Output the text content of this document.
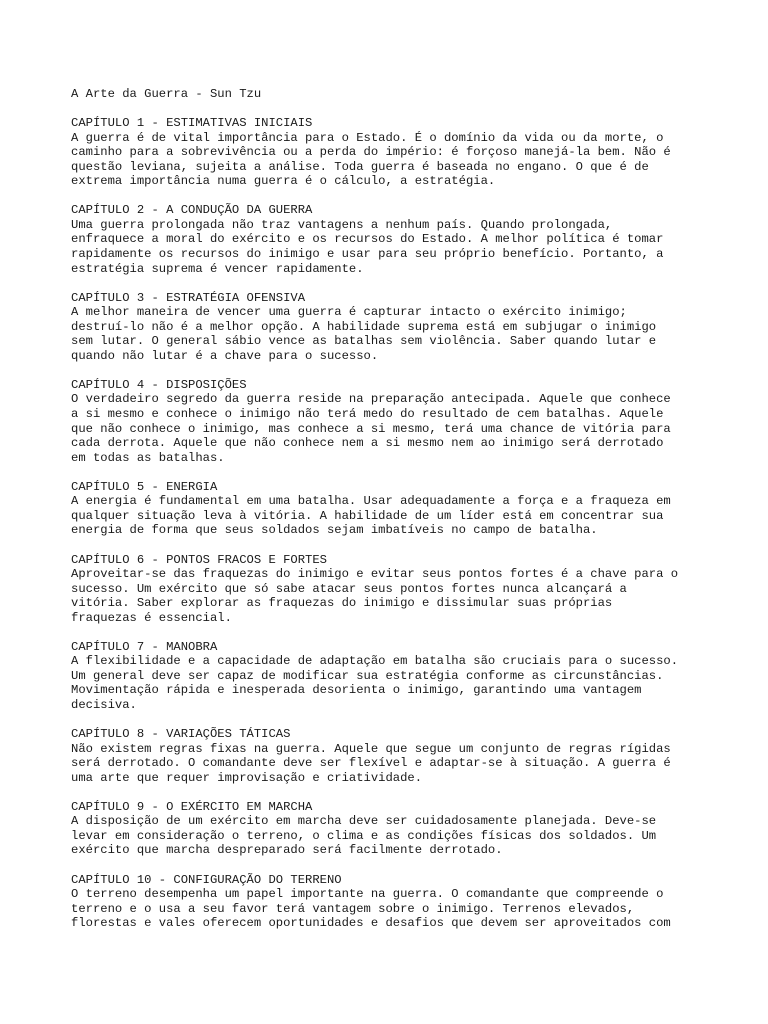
A Arte da Guerra - Sun Tzu
CAPÍTULO 1 - ESTIMATIVAS INICIAIS
A guerra é de vital importância para o Estado. É o domínio da vida ou da morte, o
caminho para a sobrevivência ou a perda do império: é forçoso manejá-la bem. Não é
questão leviana, sujeita a análise. Toda guerra é baseada no engano. O que é de
extrema importância numa guerra é o cálculo, a estratégia.
CAPÍTULO 2 - A CONDUÇÃO DA GUERRA
Uma guerra prolongada não traz vantagens a nenhum país. Quando prolongada,
enfraquece a moral do exército e os recursos do Estado. A melhor política é tomar
rapidamente os recursos do inimigo e usar para seu próprio benefício. Portanto, a
estratégia suprema é vencer rapidamente.
CAPÍTULO 3 - ESTRATÉGIA OFENSIVA
A melhor maneira de vencer uma guerra é capturar intacto o exército inimigo;
destruí-lo não é a melhor opção. A habilidade suprema está em subjugar o inimigo
sem lutar. O general sábio vence as batalhas sem violência. Saber quando lutar e
quando não lutar é a chave para o sucesso.
CAPÍTULO 4 - DISPOSIÇÕES
O verdadeiro segredo da guerra reside na preparação antecipada. Aquele que conhece
a si mesmo e conhece o inimigo não terá medo do resultado de cem batalhas. Aquele
que não conhece o inimigo, mas conhece a si mesmo, terá uma chance de vitória para
cada derrota. Aquele que não conhece nem a si mesmo nem ao inimigo será derrotado
em todas as batalhas.
CAPÍTULO 5 - ENERGIA
A energia é fundamental em uma batalha. Usar adequadamente a força e a fraqueza em
qualquer situação leva à vitória. A habilidade de um líder está em concentrar sua
energia de forma que seus soldados sejam imbatíveis no campo de batalha.
CAPÍTULO 6 - PONTOS FRACOS E FORTES
Aproveitar-se das fraquezas do inimigo e evitar seus pontos fortes é a chave para o
sucesso. Um exército que só sabe atacar seus pontos fortes nunca alcançará a
vitória. Saber explorar as fraquezas do inimigo e dissimular suas próprias
fraquezas é essencial.
CAPÍTULO 7 - MANOBRA
A flexibilidade e a capacidade de adaptação em batalha são cruciais para o sucesso.
Um general deve ser capaz de modificar sua estratégia conforme as circunstâncias.
Movimentação rápida e inesperada desorienta o inimigo, garantindo uma vantagem
decisiva.
CAPÍTULO 8 - VARIAÇÕES TÁTICAS
Não existem regras fixas na guerra. Aquele que segue um conjunto de regras rígidas
será derrotado. O comandante deve ser flexível e adaptar-se à situação. A guerra é
uma arte que requer improvisação e criatividade.
CAPÍTULO 9 - O EXÉRCITO EM MARCHA
A disposição de um exército em marcha deve ser cuidadosamente planejada. Deve-se
levar em consideração o terreno, o clima e as condições físicas dos soldados. Um
exército que marcha despreparado será facilmente derrotado.
CAPÍTULO 10 - CONFIGURAÇÃO DO TERRENO
O terreno desempenha um papel importante na guerra. O comandante que compreende o
terreno e o usa a seu favor terá vantagem sobre o inimigo. Terrenos elevados,
florestas e vales oferecem oportunidades e desafios que devem ser aproveitados com
